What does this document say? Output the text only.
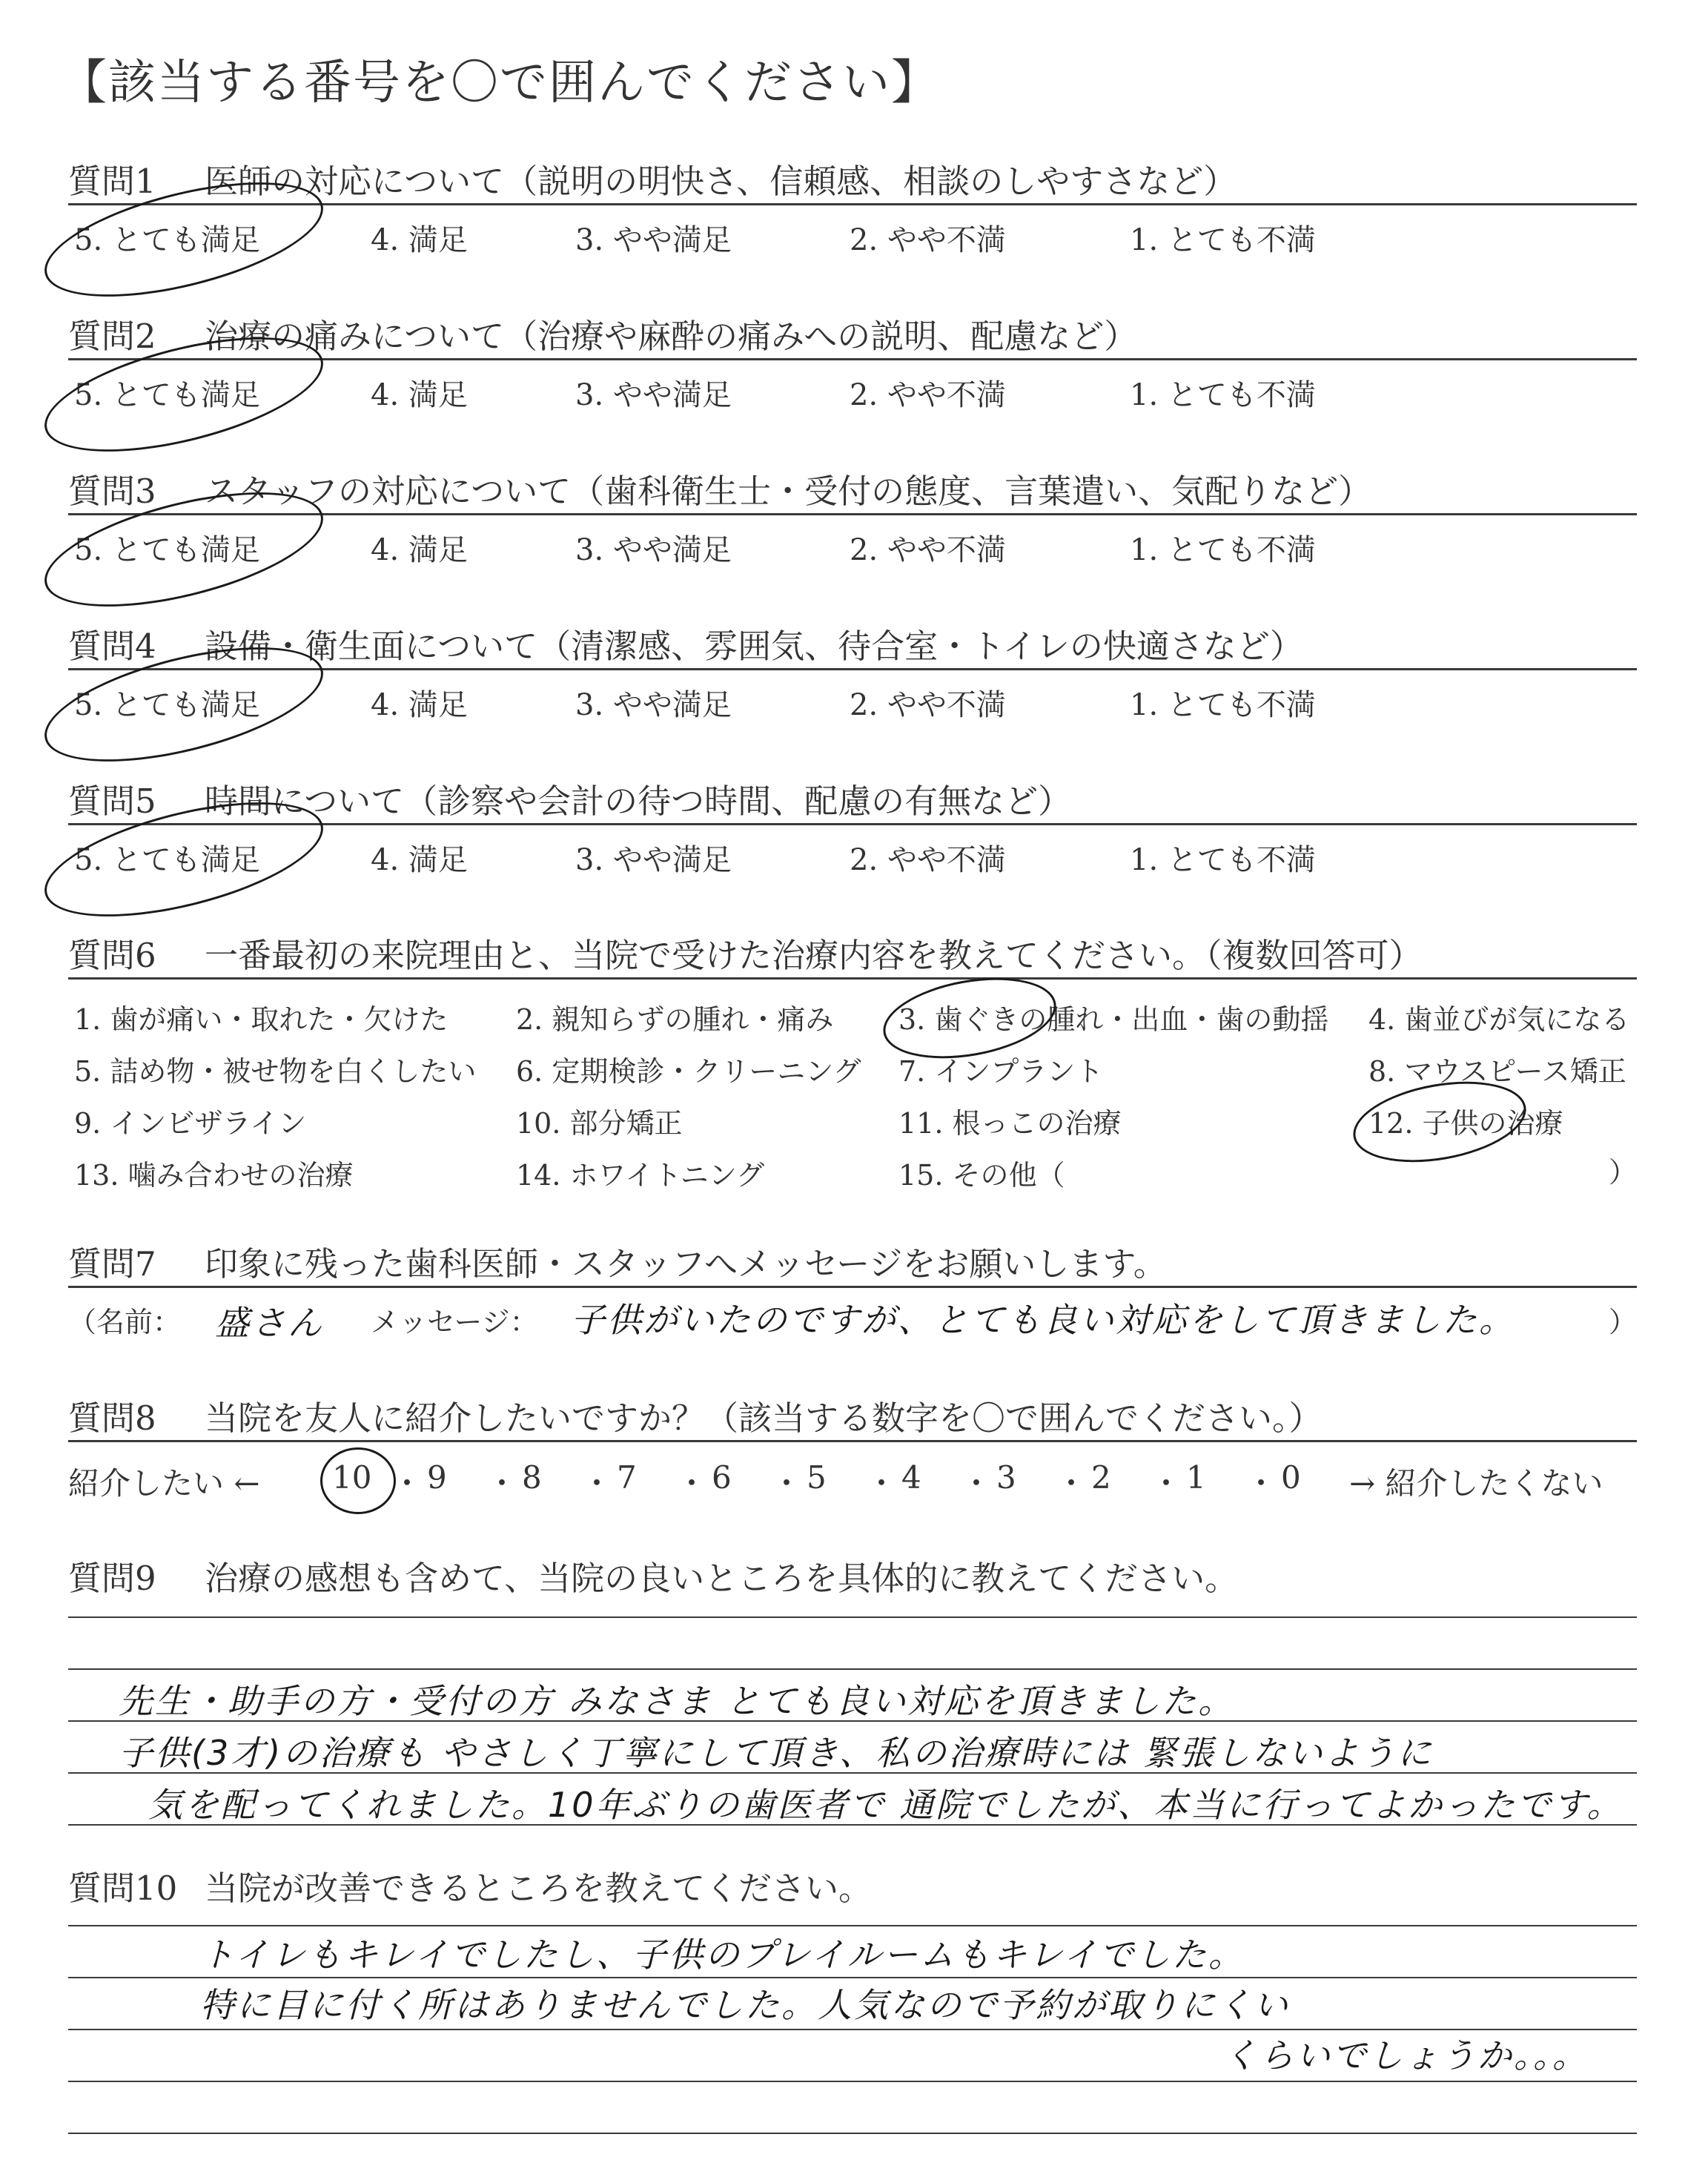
【該当する番号を〇で囲んでください】
質問1 医師の対応について（説明の明快さ、信頼感、相談のしやすさなど）
5. とても満足	4. 満足	3. やや満足	2. やや不満	1. とても不満
質問2 治療の痛みについて（治療や麻酔の痛みへの説明、配慮など）
5. とても満足	4. 満足	3. やや満足	2. やや不満	1. とても不満
質問3 スタッフの対応について（歯科衛生士・受付の態度、言葉遣い、気配りなど）
5. とても満足	4. 満足	3. やや満足	2. やや不満	1. とても不満
質問4 設備・衛生面について（清潔感、雰囲気、待合室・トイレの快適さなど）
5. とても満足	4. 満足	3. やや満足	2. やや不満	1. とても不満
質問5 時間について（診察や会計の待つ時間、配慮の有無など）
5. とても満足	4. 満足	3. やや満足	2. やや不満	1. とても不満
質問6 一番最初の来院理由と、当院で受けた治療内容を教えてください。（複数回答可）
1. 歯が痛い・取れた・欠けた 2. 親知らずの腫れ・痛み 3. 歯ぐきの腫れ・出血・歯の動揺 4. 歯並びが気になる
5. 詰め物・被せ物を白くしたい 6. 定期検診・クリーニング 7. インプラント	8. マウスピース矯正
9. インビザライン	10. 部分矯正	11. 根っこの治療	12. 子供の治療
13. 噛み合わせの治療	14. ホワイトニング	15. その他（	）
質問7 印象に残った歯科医師・スタッフへメッセージをお願いします。
（名前： 盛さん メッセージ： 子供がいたのですが、とても良い対応をして頂きました。	）
質問8 当院を友人に紹介したいですか？（該当する数字を〇で囲んでください。）
紹介したい ← 10 ・ 9 ・ 8 ・ 7 ・ 6 ・ 5 ・ 4 ・ 3 ・ 2 ・ 1 ・ 0 → 紹介したくない
質問9 治療の感想も含めて、当院の良いところを具体的に教えてください。
先生・助手の方・受付の方 みなさま とても良い対応を頂きました。
子供(3才)の治療も やさしく丁寧にして頂き、私の治療時には 緊張しないように
気を配ってくれました。10年ぶりの歯医者で 通院でしたが、本当に行ってよかったです。
質問10 当院が改善できるところを教えてください。
トイレもキレイでしたし、子供のプレイルームもキレイでした。
特に目に付く所はありませんでした。人気なので予約が取りにくい
くらいでしょうか。。。
